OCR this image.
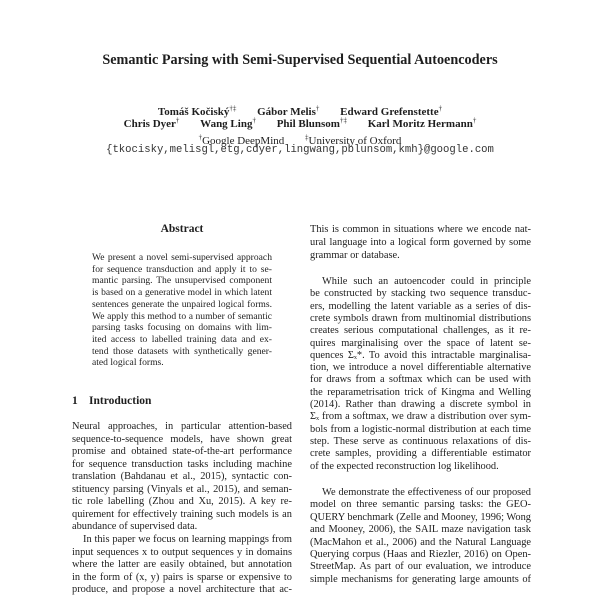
Semantic Parsing with Semi-Supervised Sequential Autoencoders
Tomáš Kočiský†‡ Gábor Melis† Edward Grefenstette†
Chris Dyer† Wang Ling† Phil Blunsom†‡ Karl Moritz Hermann†
†Google DeepMind	‡University of Oxford
{tkocisky,melisgl,etg,cdyer,lingwang,pblunsom,kmh}@google.com
Abstract
1 Introduction
We present a novel semi-supervised approach
for sequence transduction and apply it to se-
mantic parsing. The unsupervised component
is based on a generative model in which latent
sentences generate the unpaired logical forms.
We apply this method to a number of semantic
parsing tasks focusing on domains with lim-
ited access to labelled training data and ex-
tend those datasets with synthetically gener-
ated logical forms.
Neural approaches, in particular attention-based
sequence-to-sequence models, have shown great
promise and obtained state-of-the-art performance
for sequence transduction tasks including machine
translation (Bahdanau et al., 2015), syntactic con-
stituency parsing (Vinyals et al., 2015), and seman-
tic role labelling (Zhou and Xu, 2015). A key re-
quirement for effectively training such models is an
abundance of supervised data.
In this paper we focus on learning mappings from
input sequences x to output sequences y in domains
where the latter are easily obtained, but annotation
in the form of (x, y) pairs is sparse or expensive to
produce, and propose a novel architecture that ac-
This is common in situations where we encode nat-
ural language into a logical form governed by some
grammar or database.
While such an autoencoder could in principle
be constructed by stacking two sequence transduc-
ers, modelling the latent variable as a series of dis-
crete symbols drawn from multinomial distributions
creates serious computational challenges, as it re-
quires marginalising over the space of latent se-
quences Σₓ*. To avoid this intractable marginalisa-
tion, we introduce a novel differentiable alternative
for draws from a softmax which can be used with
the reparametrisation trick of Kingma and Welling
(2014). Rather than drawing a discrete symbol in
Σₓ from a softmax, we draw a distribution over sym-
bols from a logistic-normal distribution at each time
step. These serve as continuous relaxations of dis-
crete samples, providing a differentiable estimator
of the expected reconstruction log likelihood.
We demonstrate the effectiveness of our proposed
model on three semantic parsing tasks: the GEO-
QUERY benchmark (Zelle and Mooney, 1996; Wong
and Mooney, 2006), the SAIL maze navigation task
(MacMahon et al., 2006) and the Natural Language
Querying corpus (Haas and Riezler, 2016) on Open-
StreetMap. As part of our evaluation, we introduce
simple mechanisms for generating large amounts of
